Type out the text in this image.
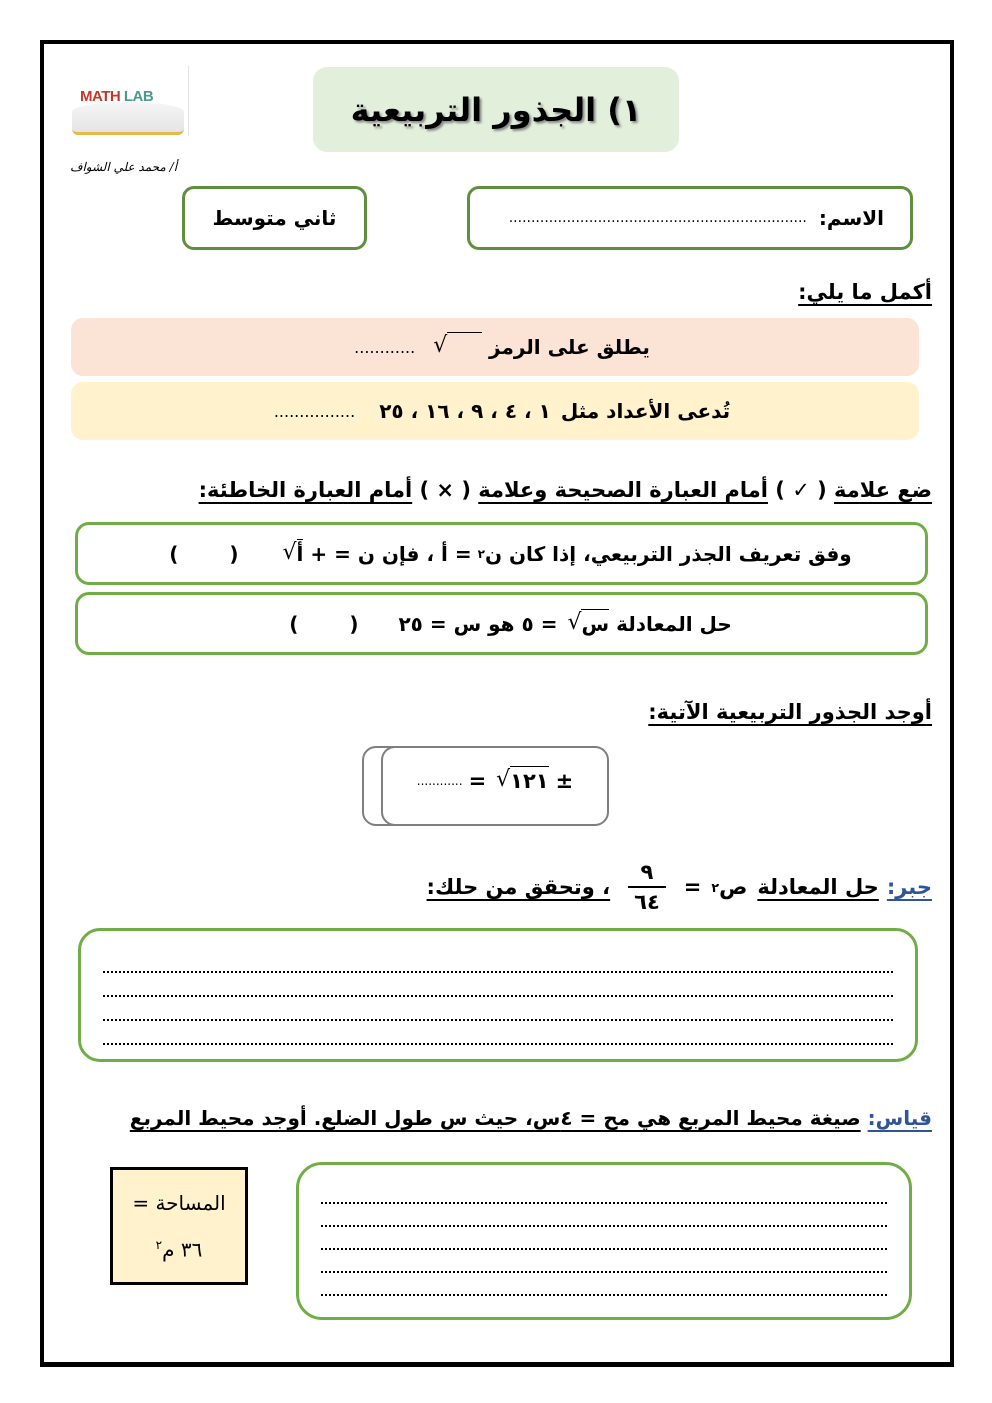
MATH LAB
أ/ محمد علي الشواف
١) الجذور التربيعية
ثاني متوسط	الاسم:
...................................................................
أكمل ما يلي:
يطلق على الرمز
√
............
تُدعى الأعداد مثل
١ ، ٤ ، ٩ ، ١٦ ، ٢٥
................
ضع علامة ( ✓ ) أمام العبارة الصحيحة وعلامة ( × ) أمام العبارة الخاطئة:
وفق تعريف الجذر التربيعي، إذا كان ن
٢
= أ ، فإن ن = +
√ أ
( )
حل المعادلة
√ س
= ٥ هو س = ٢٥
( )
أوجد الجذور التربيعية الآتية:
±
√ ١٢١
=
............
جبر:
حل المعادلة
ص
٢
=
$\frac{٩}{٦٤}$
، وتحقق من حلك:
قياس: صيغة محيط المربع هي مح = ٤س، حيث س طول الضلع. أوجد محيط المربع
المساحة =
٣٦ م$^٢$
